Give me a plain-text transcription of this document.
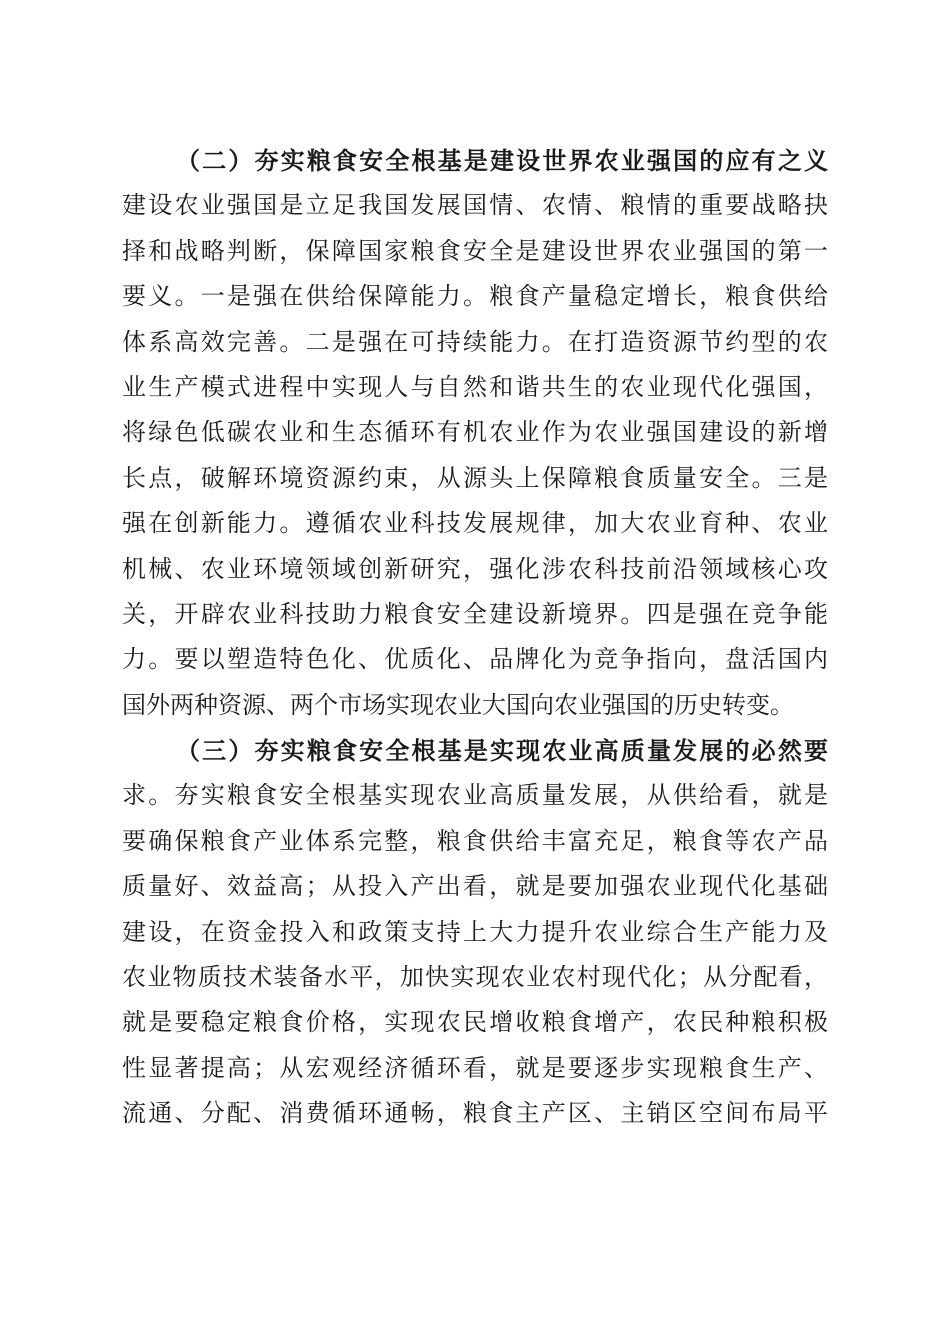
（二）夯实粮食安全根基是建设世界农业强国的应有之义
建设农业强国是立足我国发展国情、农情、粮情的重要战略抉
择和战略判断，保障国家粮食安全是建设世界农业强国的第一
要义。一是强在供给保障能力。粮食产量稳定增长，粮食供给
体系高效完善。二是强在可持续能力。在打造资源节约型的农
业生产模式进程中实现人与自然和谐共生的农业现代化强国，
将绿色低碳农业和生态循环有机农业作为农业强国建设的新增
长点，破解环境资源约束，从源头上保障粮食质量安全。三是
强在创新能力。遵循农业科技发展规律，加大农业育种、农业
机械、农业环境领域创新研究，强化涉农科技前沿领域核心攻
关，开辟农业科技助力粮食安全建设新境界。四是强在竞争能
力。要以塑造特色化、优质化、品牌化为竞争指向，盘活国内
国外两种资源、两个市场实现农业大国向农业强国的历史转变。
（三）夯实粮食安全根基是实现农业高质量发展的必然要
求。夯实粮食安全根基实现农业高质量发展，从供给看，就是
要确保粮食产业体系完整，粮食供给丰富充足，粮食等农产品
质量好、效益高；从投入产出看，就是要加强农业现代化基础
建设，在资金投入和政策支持上大力提升农业综合生产能力及
农业物质技术装备水平，加快实现农业农村现代化；从分配看，
就是要稳定粮食价格，实现农民增收粮食增产，农民种粮积极
性显著提高；从宏观经济循环看，就是要逐步实现粮食生产、
流通、分配、消费循环通畅，粮食主产区、主销区空间布局平
